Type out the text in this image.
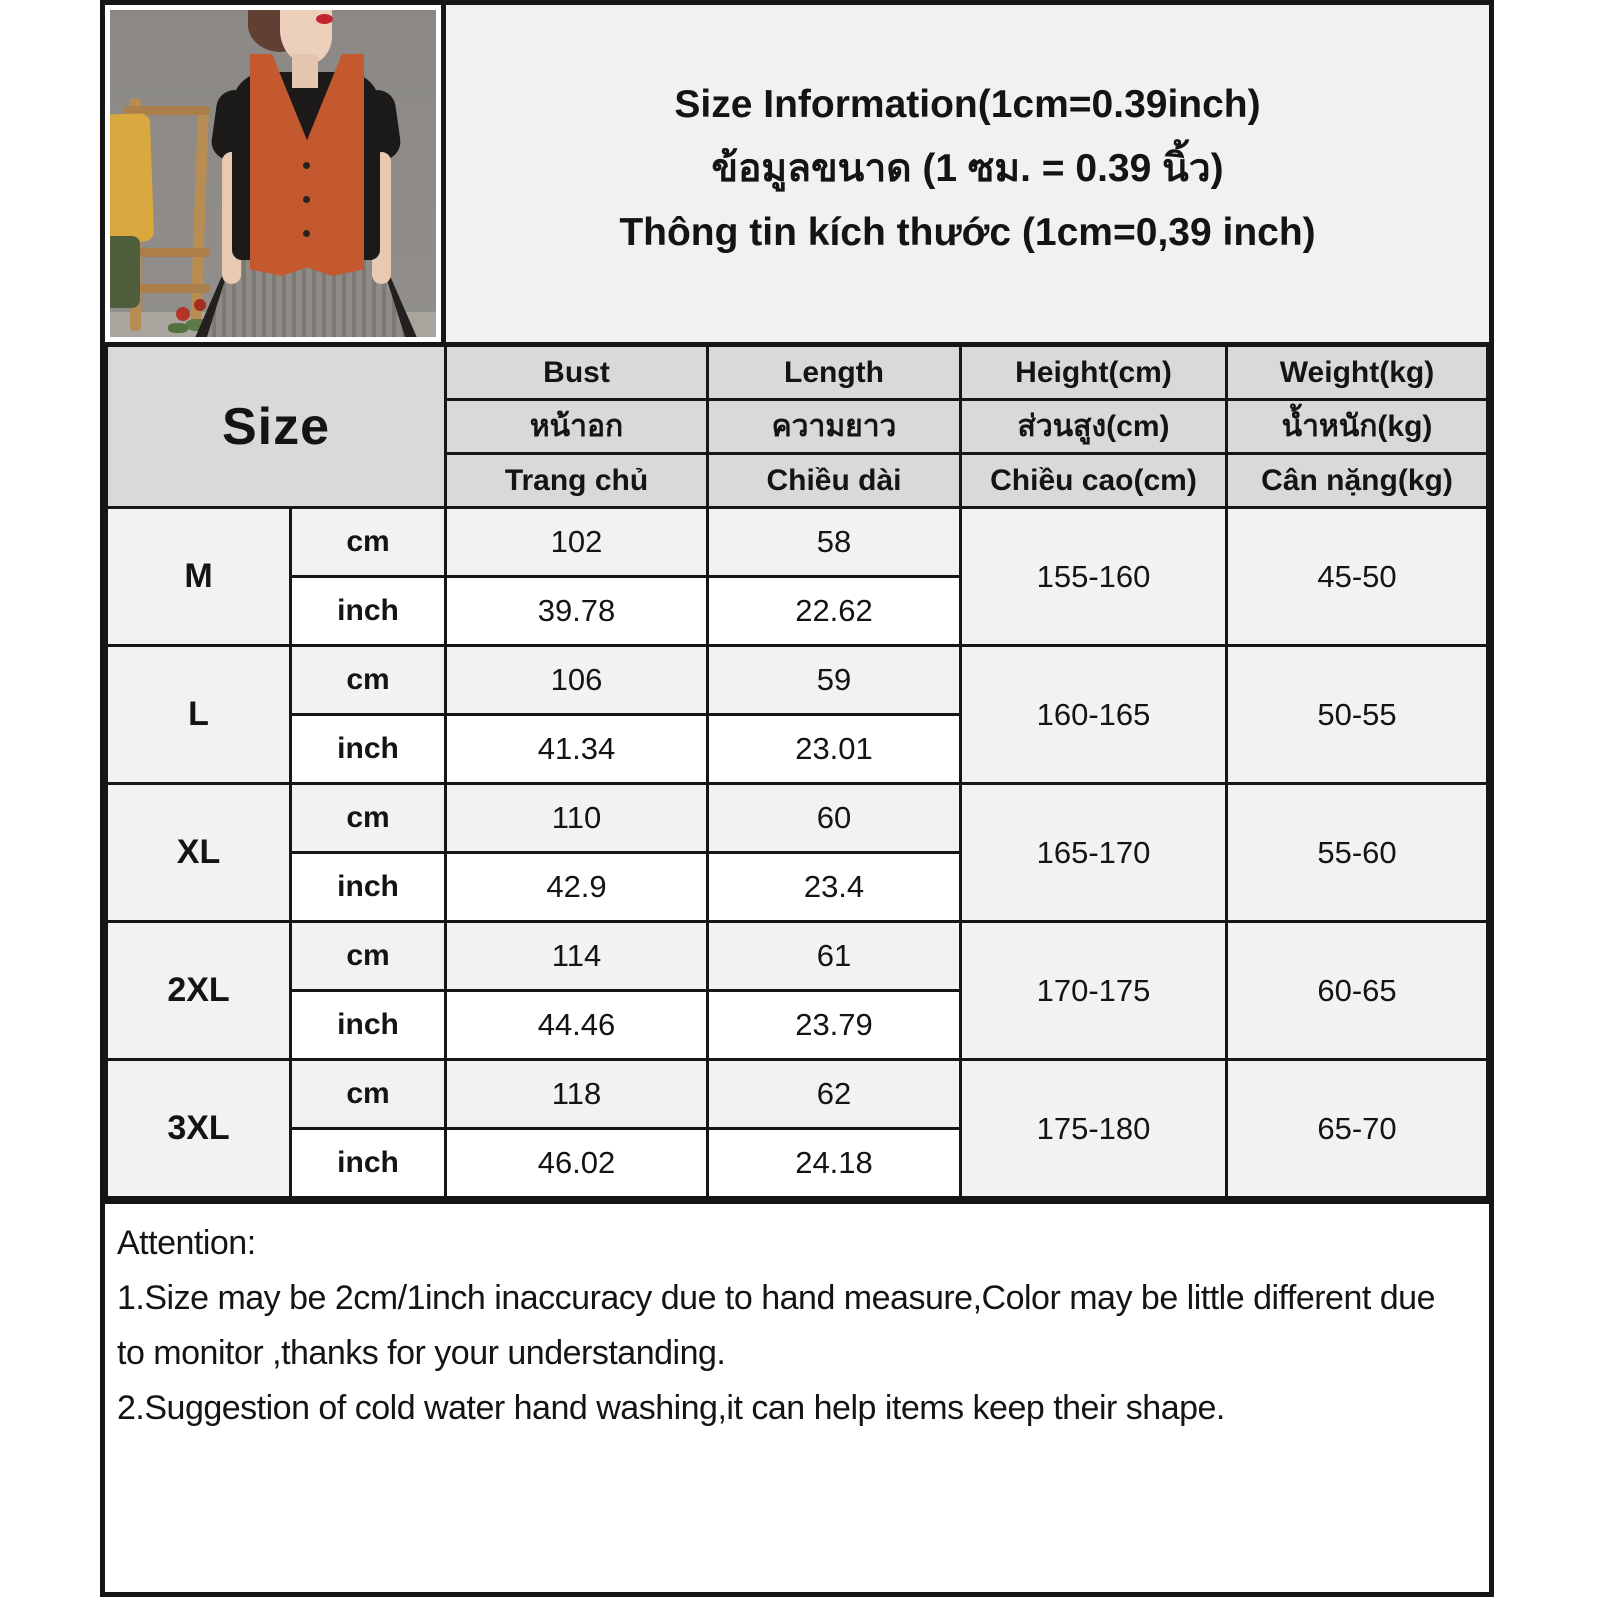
Size Information(1cm=0.39inch)
ข้อมูลขนาด (1 ซม. = 0.39 นิ้ว)
Thông tin kích thước (1cm=0,39 inch)
Size		Bust	Length	Height(cm)	Weight(kg)
		หน้าอก	ความยาว	ส่วนสูง(cm)	น้ำหนัก(kg)
		Trang chủ	Chiều dài	Chiều cao(cm)	Cân nặng(kg)
M	cm	102	58	155-160	45-50
	inch	39.78	22.62		
L	cm	106	59	160-165	50-55
	inch	41.34	23.01		
XL	cm	110	60	165-170	55-60
	inch	42.9	23.4		
2XL	cm	114	61	170-175	60-65
	inch	44.46	23.79		
3XL	cm	118	62	175-180	65-70
	inch	46.02	24.18		
Attention:
1.Size may be 2cm/1inch inaccuracy due to hand measure,Color may be little different due to monitor ,thanks for your understanding.
2.Suggestion of cold water hand washing,it can help items keep their shape.
